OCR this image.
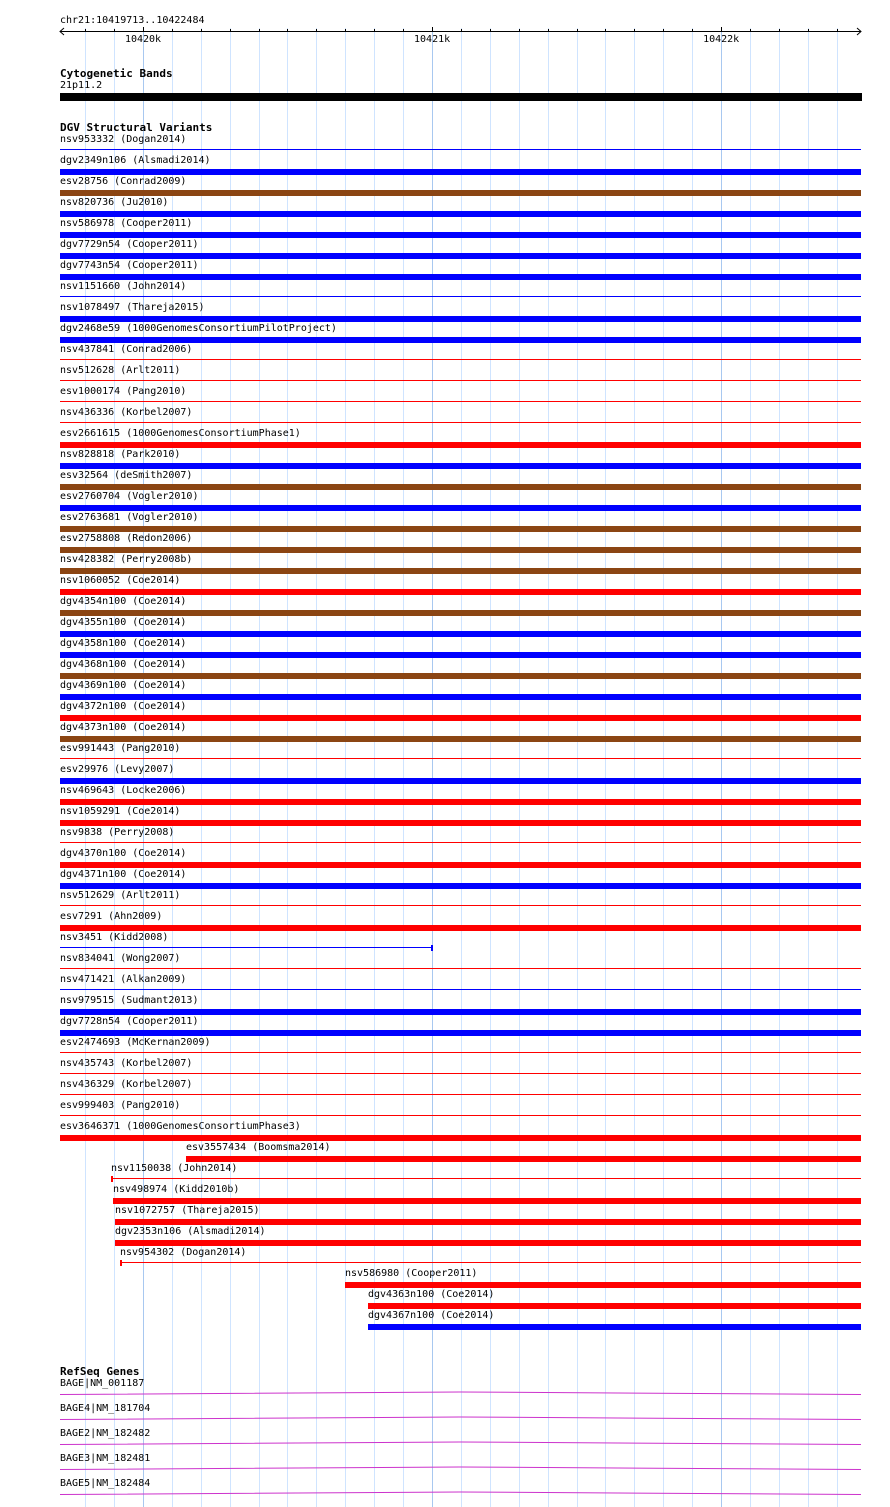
chr21:10419713..10422484
10420k	10421k	10422k
Cytogenetic Bands
21p11.2
DGV Structural Variants
nsv953332 (Dogan2014)
dgv2349n106 (Alsmadi2014)
esv28756 (Conrad2009)
nsv820736 (Ju2010)
nsv586978 (Cooper2011)
dgv7729n54 (Cooper2011)
dgv7743n54 (Cooper2011)
nsv1151660 (John2014)
nsv1078497 (Thareja2015)
dgv2468e59 (1000GenomesConsortiumPilotProject)
nsv437841 (Conrad2006)
nsv512628 (Arlt2011)
esv1000174 (Pang2010)
nsv436336 (Korbel2007)
esv2661615 (1000GenomesConsortiumPhase1)
nsv828818 (Park2010)
esv32564 (deSmith2007)
esv2760704 (Vogler2010)
esv2763681 (Vogler2010)
esv2758808 (Redon2006)
nsv428382 (Perry2008b)
nsv1060052 (Coe2014)
dgv4354n100 (Coe2014)
dgv4355n100 (Coe2014)
dgv4358n100 (Coe2014)
dgv4368n100 (Coe2014)
dgv4369n100 (Coe2014)
dgv4372n100 (Coe2014)
dgv4373n100 (Coe2014)
esv991443 (Pang2010)
esv29976 (Levy2007)
nsv469643 (Locke2006)
nsv1059291 (Coe2014)
nsv9838 (Perry2008)
dgv4370n100 (Coe2014)
dgv4371n100 (Coe2014)
nsv512629 (Arlt2011)
esv7291 (Ahn2009)
nsv3451 (Kidd2008)
nsv834041 (Wong2007)
nsv471421 (Alkan2009)
nsv979515 (Sudmant2013)
dgv7728n54 (Cooper2011)
esv2474693 (McKernan2009)
nsv435743 (Korbel2007)
nsv436329 (Korbel2007)
esv999403 (Pang2010)
esv3646371 (1000GenomesConsortiumPhase3)
esv3557434 (Boomsma2014)
nsv1150038 (John2014)
nsv498974 (Kidd2010b)
nsv1072757 (Thareja2015)
dgv2353n106 (Alsmadi2014)
nsv954302 (Dogan2014)
nsv586980 (Cooper2011)
dgv4363n100 (Coe2014)
dgv4367n100 (Coe2014)
RefSeq Genes
BAGE|NM_001187
BAGE4|NM_181704
BAGE2|NM_182482
BAGE3|NM_182481
BAGE5|NM_182484
